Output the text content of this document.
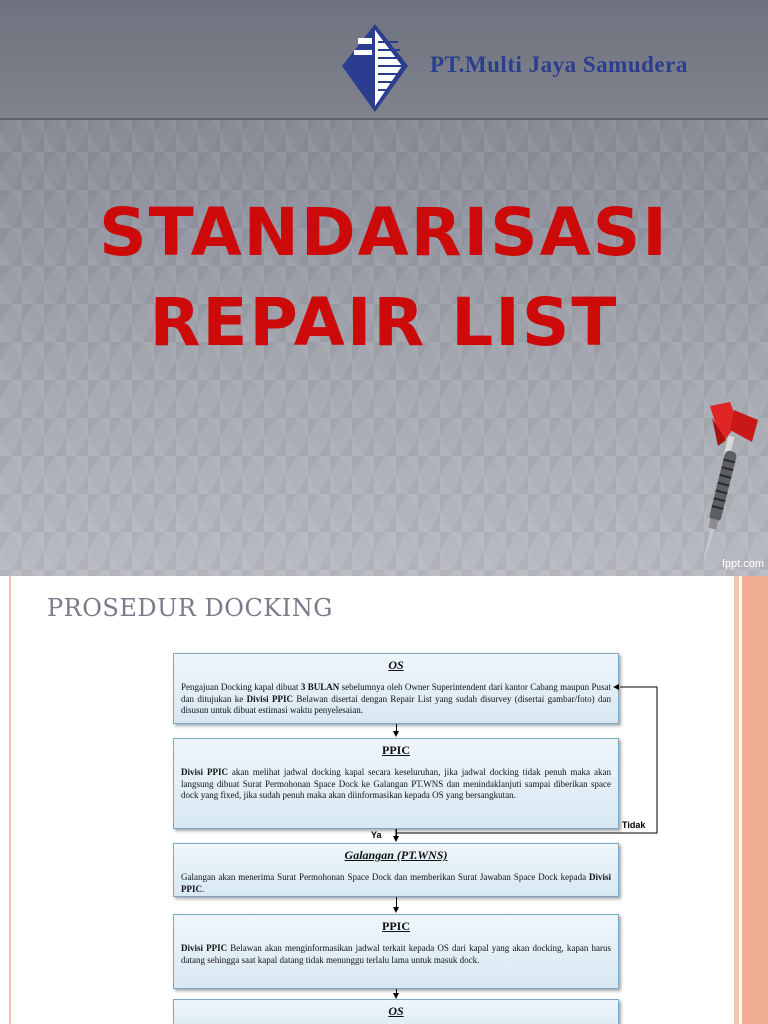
PT.Multi Jaya Samudera
STANDARISASI
REPAIR LIST
fppt.com
PROSEDUR DOCKING
OS
Pengajuan Docking kapal dibuat 3 BULAN sebelumnya oleh Owner Superintendent dari kantor Cabang maupun Pusat dan ditujukan ke Divisi PPIC Belawan disertai dengan Repair List yang sudah disurvey (disertai gambar/foto) dan disusun untuk dibuat estimasi waktu penyelesaian.
PPIC
Divisi PPIC akan melihat jadwal docking kapal secara keseluruhan, jika jadwal docking tidak penuh maka akan langsung dibuat Surat Permohonan Space Dock ke Galangan PT.WNS dan menindaklanjuti sampai diberikan space dock yang fixed, jika sudah penuh maka akan diinformasikan kepada OS yang bersangkutan.
Tidak
Ya
Galangan (PT.WNS)
Galangan akan menerima Surat Permohonan Space Dock dan memberikan Surat Jawaban Space Dock kepada Divisi PPIC.
PPIC
Divisi PPIC Belawan akan menginformasikan jadwal terkait kepada OS dari kapal yang akan docking, kapan harus datang sehingga saat kapal datang tidak menunggu terlalu lama untuk masuk dock.
OS
